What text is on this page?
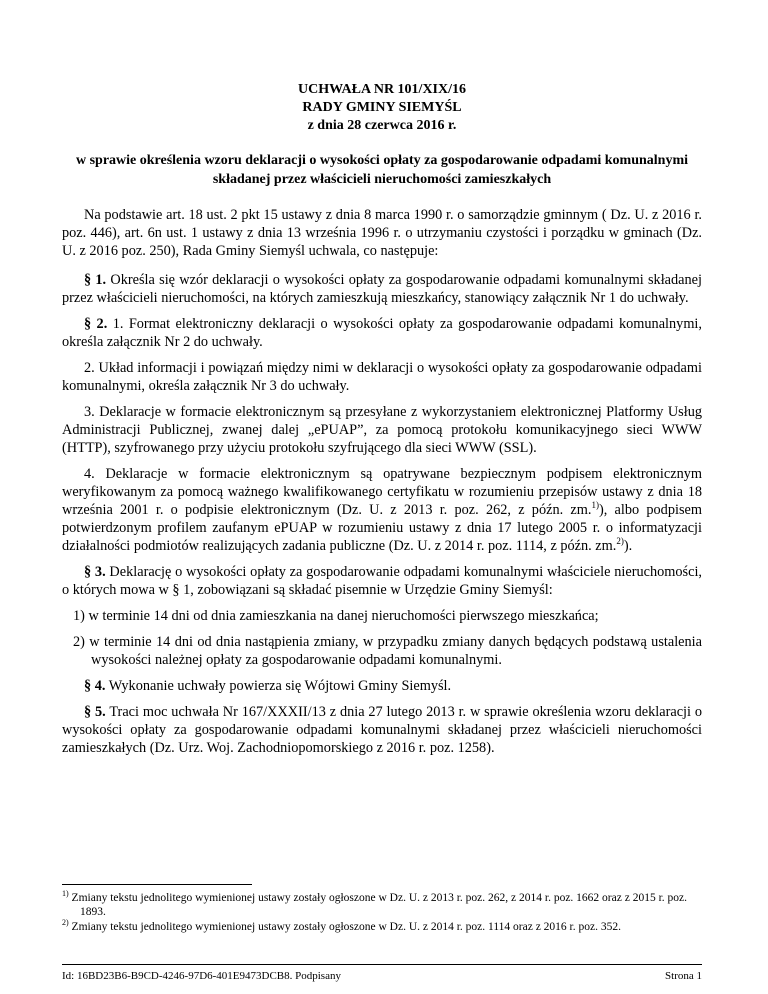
UCHWAŁA NR 101/XIX/16
RADY GMINY SIEMYŚL
z dnia 28 czerwca 2016 r.
w sprawie określenia wzoru deklaracji o wysokości opłaty za gospodarowanie odpadami komunalnymi składanej przez właścicieli nieruchomości zamieszkałych

Na podstawie art. 18 ust. 2 pkt 15 ustawy z dnia 8 marca 1990 r. o samorządzie gminnym ( Dz. U. z 2016 r. poz. 446), art. 6n ust. 1 ustawy z dnia 13 września 1996 r. o utrzymaniu czystości i porządku w gminach (Dz. U. z 2016 poz. 250), Rada Gminy Siemyśl uchwala, co następuje:

§ 1. Określa się wzór deklaracji o wysokości opłaty za gospodarowanie odpadami komunalnymi składanej przez właścicieli nieruchomości, na których zamieszkują mieszkańcy, stanowiący załącznik Nr 1 do uchwały.

§ 2. 1. Format elektroniczny deklaracji o wysokości opłaty za gospodarowanie odpadami komunalnymi, określa załącznik Nr 2 do uchwały.

2. Układ informacji i powiązań między nimi w deklaracji o wysokości opłaty za gospodarowanie odpadami komunalnymi, określa załącznik Nr 3 do uchwały.

3. Deklaracje w formacie elektronicznym są przesyłane z wykorzystaniem elektronicznej Platformy Usług Administracji Publicznej, zwanej dalej „ePUAP”, za pomocą protokołu komunikacyjnego sieci WWW (HTTP), szyfrowanego przy użyciu protokołu szyfrującego dla sieci WWW (SSL).

4. Deklaracje w formacie elektronicznym są opatrywane bezpiecznym podpisem elektronicznym weryfikowanym za pomocą ważnego kwalifikowanego certyfikatu w rozumieniu przepisów ustawy z dnia 18 września 2001 r. o podpisie elektronicznym (Dz. U. z 2013 r. poz. 262, z późn. zm.$^{1)}$), albo podpisem potwierdzonym profilem zaufanym ePUAP w rozumieniu ustawy z dnia 17 lutego 2005 r. o informatyzacji działalności podmiotów realizujących zadania publiczne (Dz. U. z 2014 r. poz. 1114, z późn. zm.$^{2)}$).

§ 3. Deklarację o wysokości opłaty za gospodarowanie odpadami komunalnymi właściciele nieruchomości, o których mowa w § 1, zobowiązani są składać pisemnie w Urzędzie Gminy Siemyśl:

1) w terminie 14 dni od dnia zamieszkania na danej nieruchomości pierwszego mieszkańca;
2) w terminie 14 dni od dnia nastąpienia zmiany, w przypadku zmiany danych będących podstawą ustalenia wysokości należnej opłaty za gospodarowanie odpadami komunalnymi.

§ 4. Wykonanie uchwały powierza się Wójtowi Gminy Siemyśl.

§ 5. Traci moc uchwała Nr 167/XXXII/13 z dnia 27 lutego 2013 r. w sprawie określenia wzoru deklaracji o wysokości opłaty za gospodarowanie odpadami komunalnymi składanej przez właścicieli nieruchomości zamieszkałych (Dz. Urz. Woj. Zachodniopomorskiego z 2016 r. poz. 1258).

$^{1)}$ Zmiany tekstu jednolitego wymienionej ustawy zostały ogłoszone w Dz. U. z 2013 r. poz. 262, z 2014 r. poz. 1662 oraz z 2015 r. poz. 1893.
$^{2)}$ Zmiany tekstu jednolitego wymienionej ustawy zostały ogłoszone w Dz. U. z 2014 r. poz. 1114 oraz z 2016 r. poz. 352.
Id: 16BD23B6-B9CD-4246-97D6-401E9473DCB8. Podpisany	Strona 1
